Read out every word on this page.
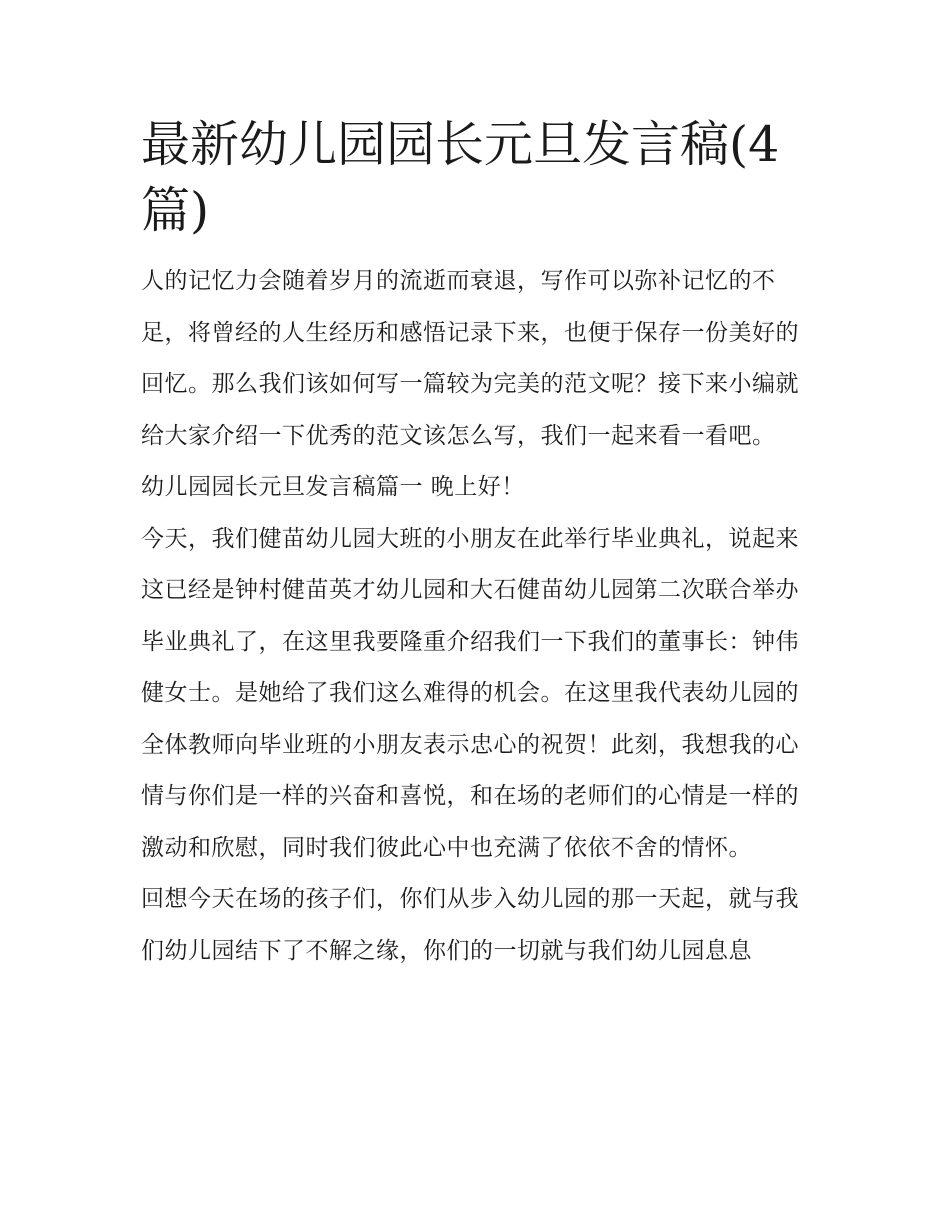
最新幼儿园园长元旦发言稿(4篇)

人的记忆力会随着岁月的流逝而衰退，写作可以弥补记忆的不足，将曾经的人生经历和感悟记录下来，也便于保存一份美好的回忆。那么我们该如何写一篇较为完美的范文呢？接下来小编就给大家介绍一下优秀的范文该怎么写，我们一起来看一看吧。

幼儿园园长元旦发言稿篇一 晚上好！

今天，我们健苗幼儿园大班的小朋友在此举行毕业典礼，说起来这已经是钟村健苗英才幼儿园和大石健苗幼儿园第二次联合举办毕业典礼了，在这里我要隆重介绍我们一下我们的董事长：钟伟健女士。是她给了我们这么难得的机会。在这里我代表幼儿园的全体教师向毕业班的小朋友表示忠心的祝贺！此刻，我想我的心情与你们是一样的兴奋和喜悦，和在场的老师们的心情是一样的激动和欣慰，同时我们彼此心中也充满了依依不舍的情怀。

回想今天在场的孩子们，你们从步入幼儿园的那一天起，就与我们幼儿园结下了不解之缘，你们的一切就与我们幼儿园息息
